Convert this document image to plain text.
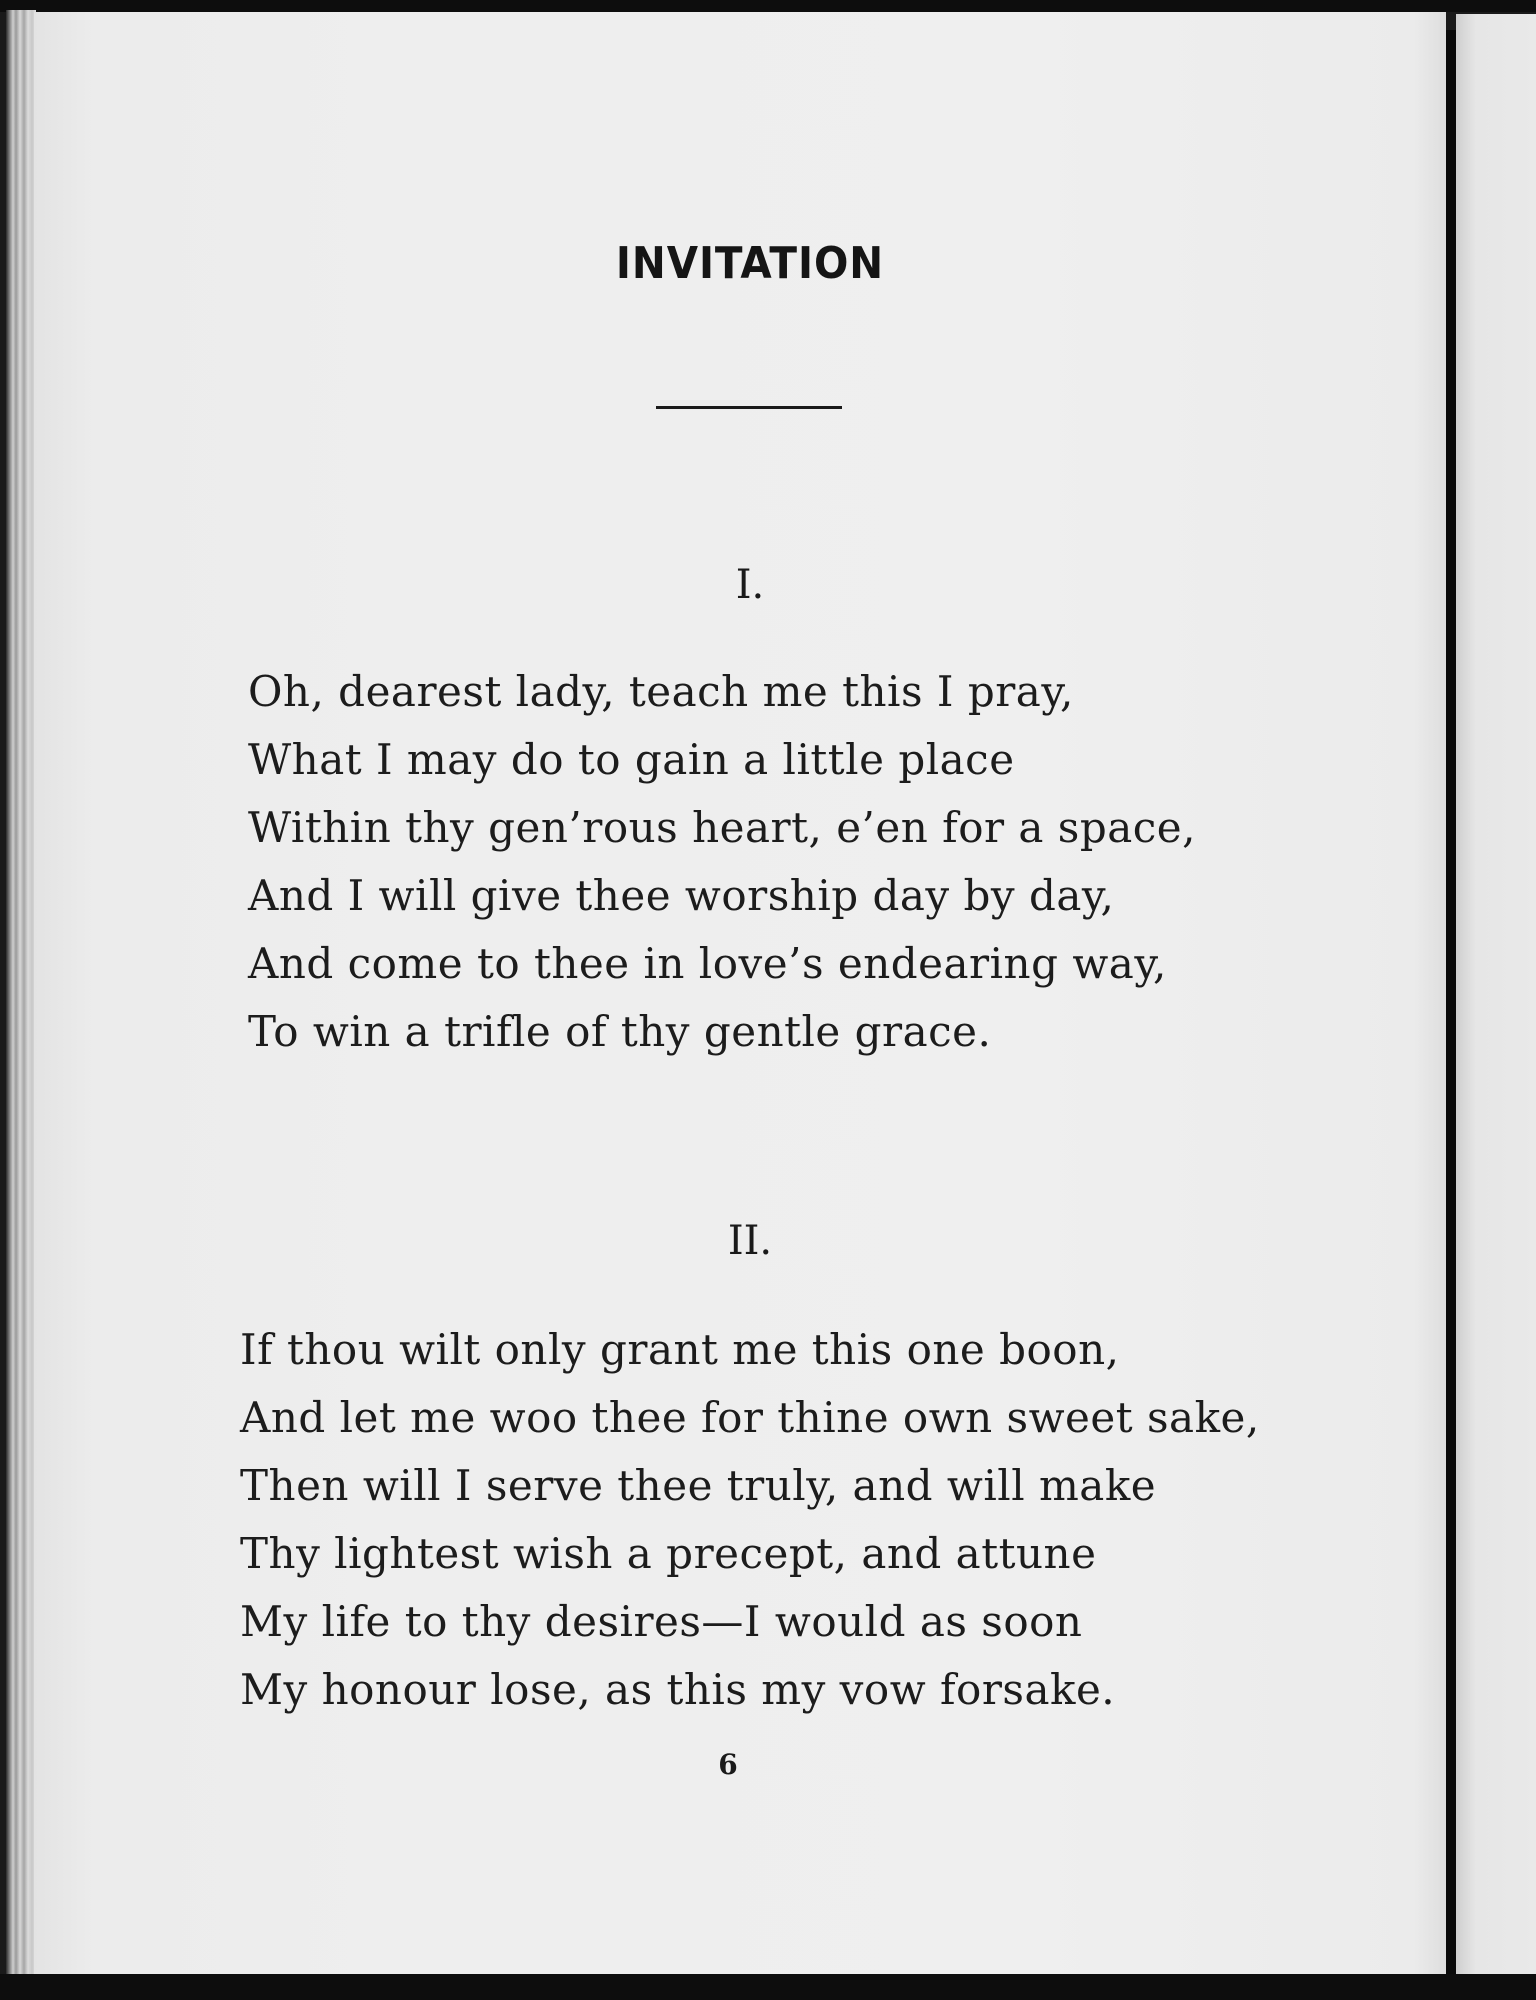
INVITATION
I.
Oh, dearest lady, teach me this I pray,
What I may do to gain a little place
Within thy gen’rous heart, e’en for a space,
And I will give thee worship day by day,
And come to thee in love’s endearing way,
To win a trifle of thy gentle grace.
II.
If thou wilt only grant me this one boon,
And let me woo thee for thine own sweet sake,
Then will I serve thee truly, and will make
Thy lightest wish a precept, and attune
My life to thy desires—I would as soon
My honour lose, as this my vow forsake.
6
